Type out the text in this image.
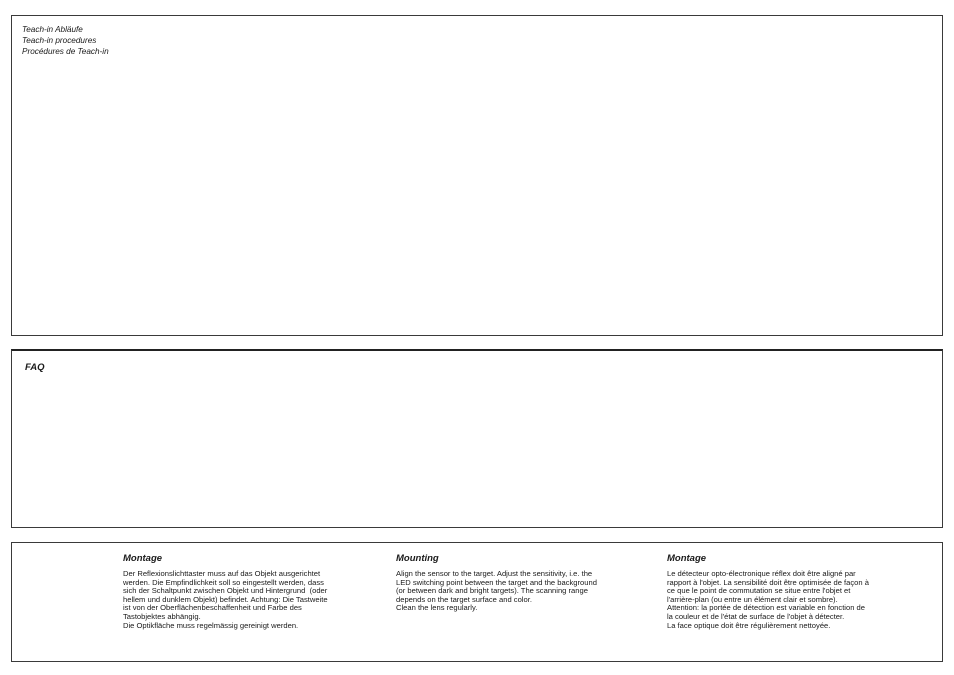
Teach-in Abläufe
Teach-in procedures
Procédures de Teach-in
FAQ
Montage

Der Reflexionslichttaster muss auf das Objekt ausgerichtet
werden. Die Empfindlichkeit soll so eingestellt werden, dass
sich der Schaltpunkt zwischen Objekt und Hintergrund  (oder
hellem und dunklem Objekt) befindet. Achtung: Die Tastweite
ist von der Oberflächenbeschaffenheit und Farbe des
Tastobjektes abhängig.
Die Optikfläche muss regelmässig gereinigt werden.

Mounting

Align the sensor to the target. Adjust the sensitivity, i.e. the
LED switching point between the target and the background
(or between dark and bright targets). The scanning range
depends on the target surface and color.
Clean the lens regularly.

Montage

Le détecteur opto-électronique réflex doit être aligné par
rapport à l'objet. La sensibilité doit être optimisée de façon à
ce que le point de commutation se situe entre l'objet et
l'arrière-plan (ou entre un élément clair et sombre).
Attention: la portée de détection est variable en fonction de
la couleur et de l'état de surface de l'objet à détecter.
La face optique doit être régulièrement nettoyée.
